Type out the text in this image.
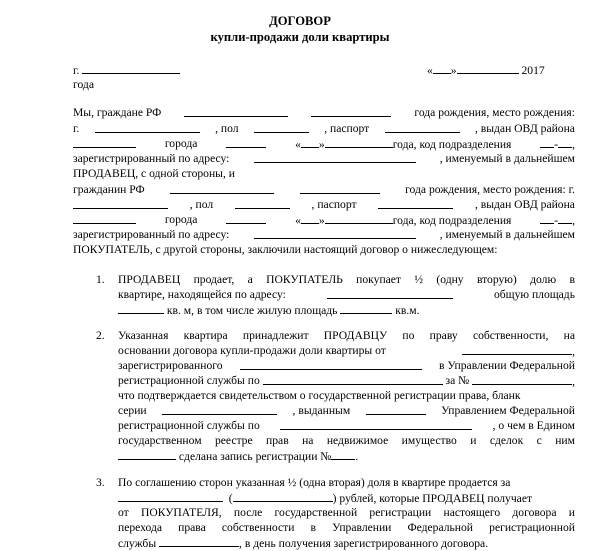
ДОГОВОР
купли-продажи доли квартиры
г.	« »	2017
года
Мы, граждане РФ	года рождения, место рождения:
г.	, пол	, паспорт	, выдан ОВД района
города	« »	года, код подразделения	- ,
зарегистрированный по адресу:	, именуемый в дальнейшем
ПРОДАВЕЦ, с одной стороны, и
гражданин РФ	года рождения, место рождения: г.
, пол	, паспорт	, выдан ОВД района
города	« »	года, код подразделения	- ,
зарегистрированный по адресу:	, именуемый в дальнейшем
ПОКУПАТЕЛЬ, с другой стороны, заключили настоящий договор о нижеследующем:
1. ПРОДАВЕЦ продает, а ПОКУПАТЕЛЬ покупает ½ (одну вторую) долю в
квартире, находящейся по адресу:	общую площадь
кв. м, в том числе жилую площадь	кв.м.
2. Указанная квартира принадлежит ПРОДАВЦУ по праву собственности, на
основании договора купли-продажи доли квартиры от	,
зарегистрированного	в Управлении Федеральной
регистрационной службы по	за №	,
что подтверждается свидетельством о государственной регистрации права, бланк
серии	, выданным	Управлением Федеральной
регистрационной службы по	, о чем в Едином
государственном реестре прав на недвижимое имущество и сделок с ним
сделана запись регистрации № .
3. По соглашению сторон указанная ½ (одна вторая) доля в квартире продается за
(	) рублей, которые ПРОДАВЕЦ получает
от ПОКУПАТЕЛЯ, после государственной регистрации настоящего договора и
перехода права собственности в Управлении Федеральной регистрационной
службы	, в день получения зарегистрированного договора.
